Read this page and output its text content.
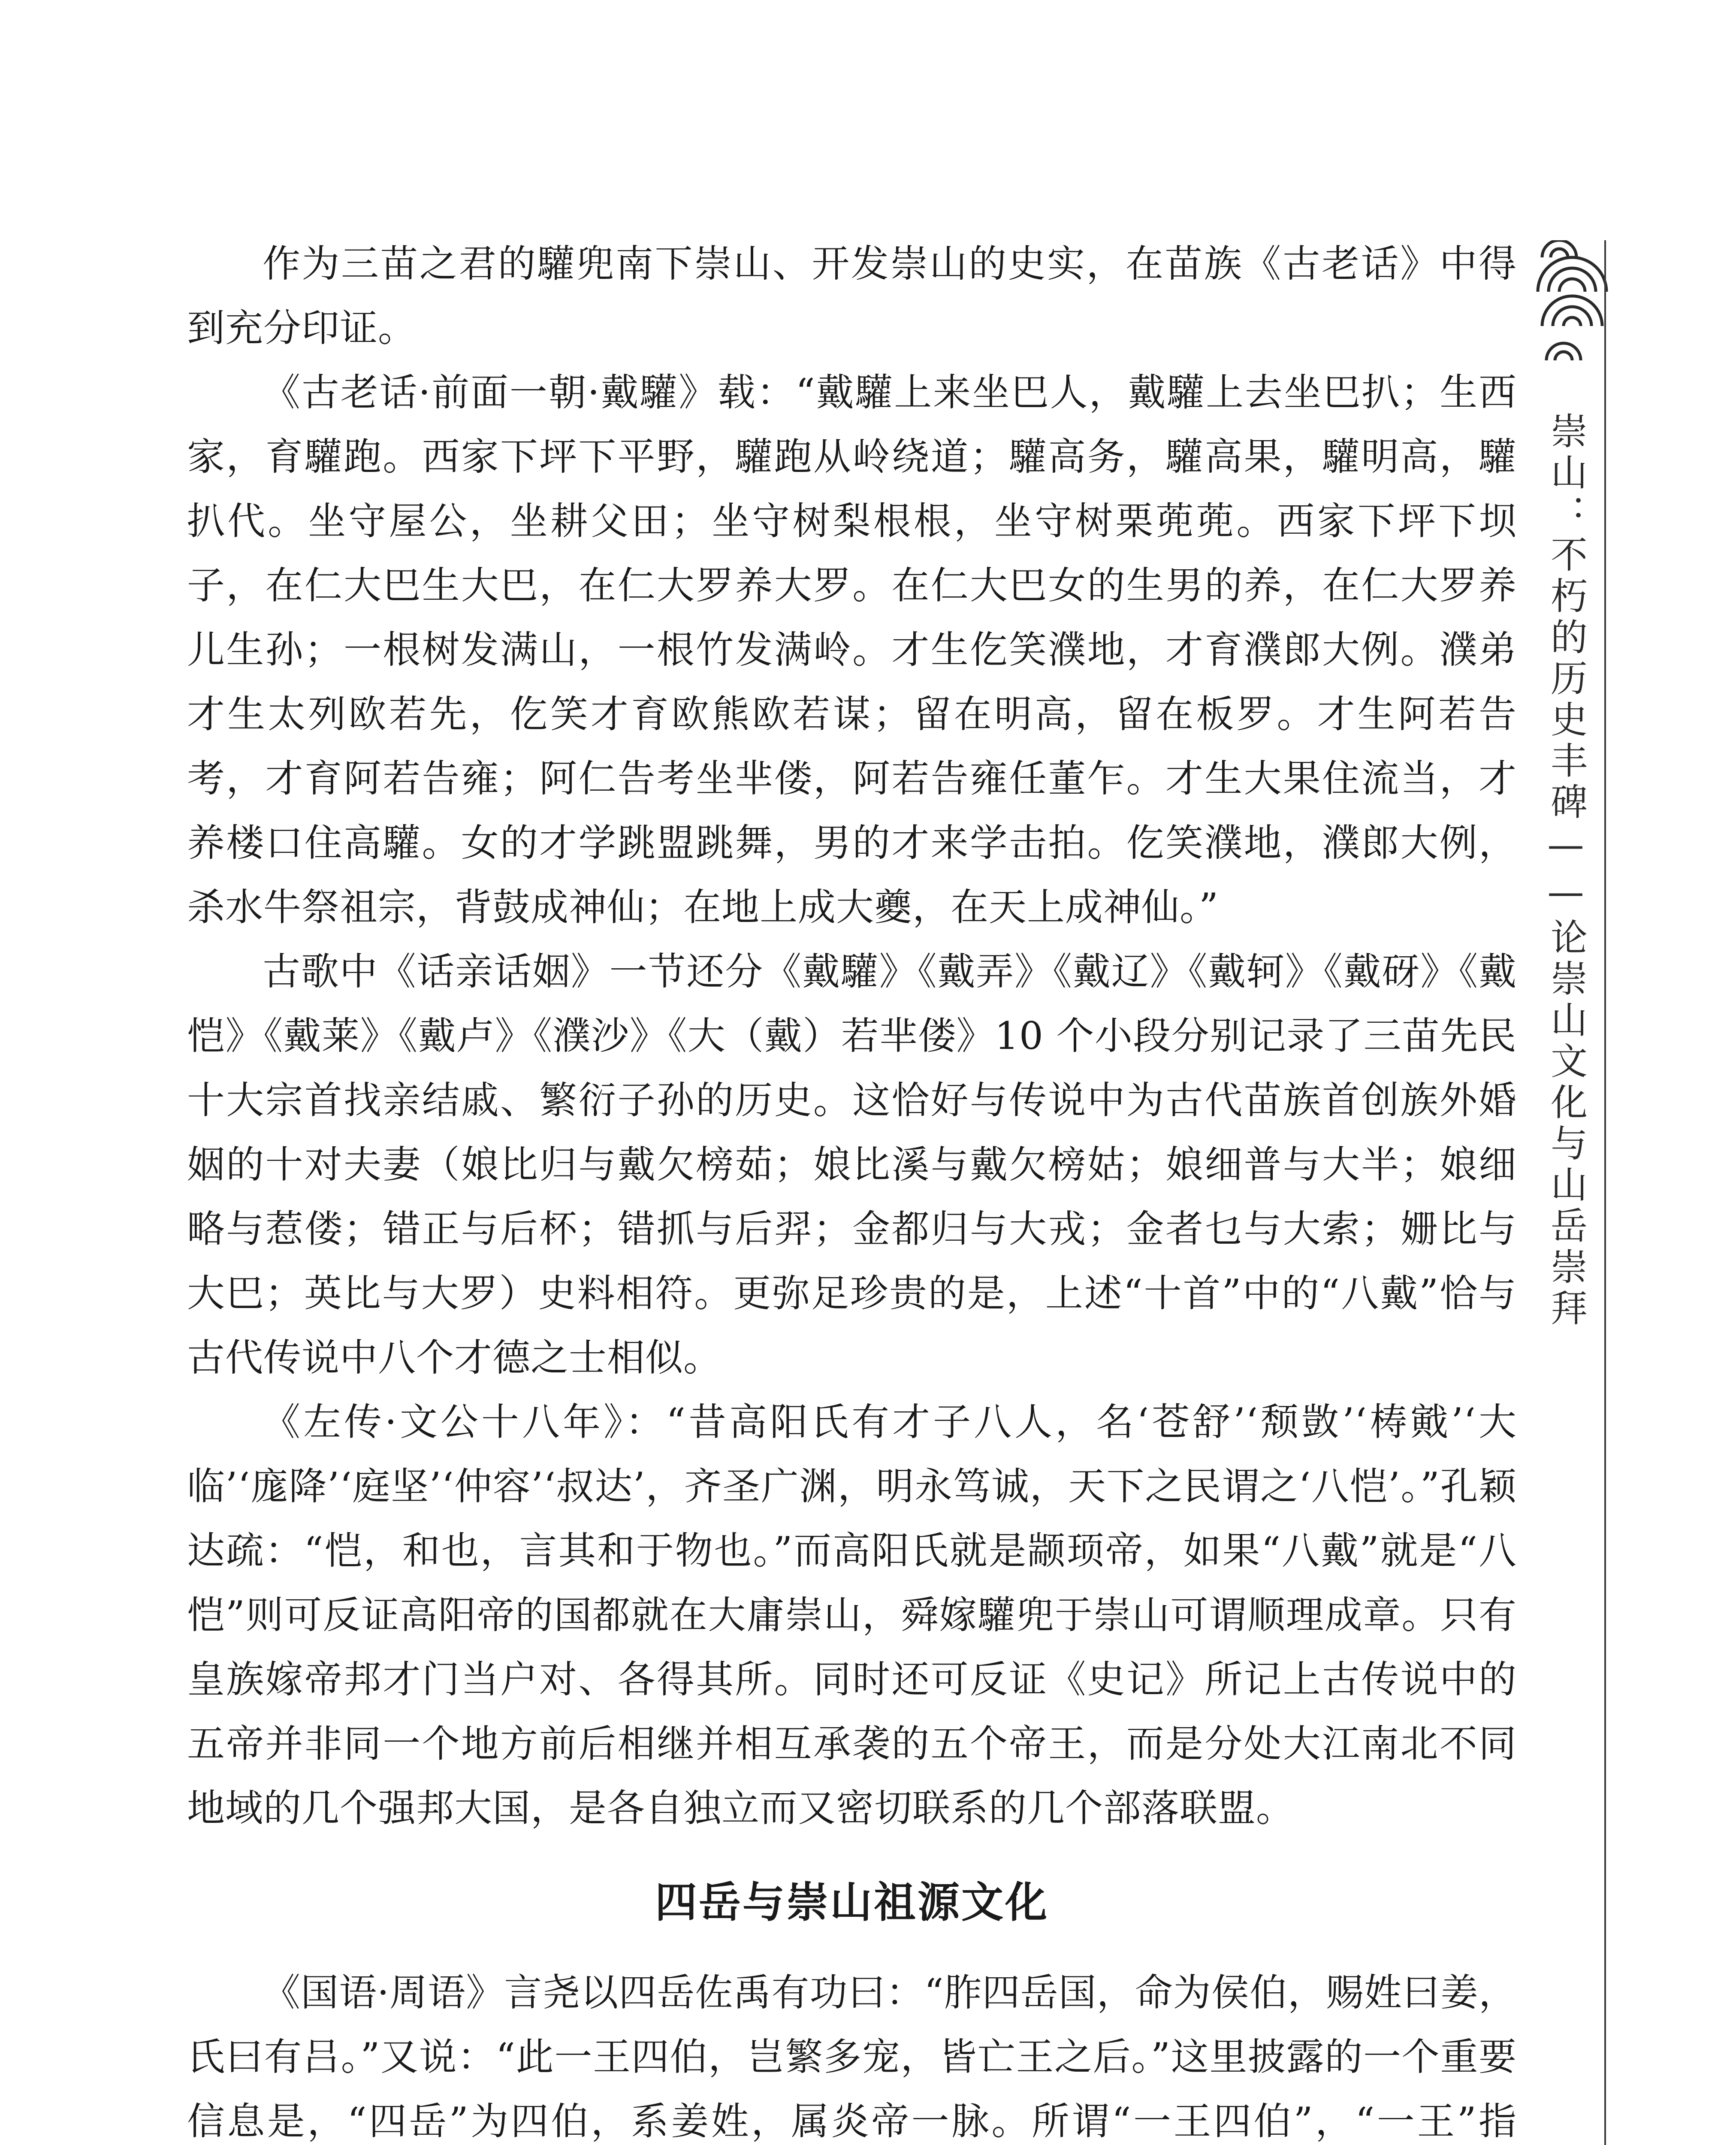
作为三苗之君的驩兜南下崇山、开发崇山的史实，在苗族《古老话》中得到充分印证。

《古老话·前面一朝·戴驩》载：“戴驩上来坐巴人，戴驩上去坐巴扒；生西家，育驩跑。西家下坪下平野，驩跑从岭绕道；驩高务，驩高果，驩明高，驩扒代。坐守屋公，坐耕父田；坐守树梨根根，坐守树栗蔸蔸。西家下坪下坝子，在仁大巴生大巴，在仁大罗养大罗。在仁大巴女的生男的养，在仁大罗养儿生孙；一根树发满山，一根竹发满岭。才生仡笑濮地，才育濮郎大例。濮弟才生太列欧若先，仡笑才育欧熊欧若谋；留在明高，留在板罗。才生阿若告考，才育阿若告雍；阿仁告考坐芈偻，阿若告雍任董乍。才生大果住流当，才养楼口住高驩。女的才学跳盟跳舞，男的才来学击拍。仡笑濮地，濮郎大例，杀水牛祭祖宗，背鼓成神仙；在地上成大夔，在天上成神仙。”

古歌中《话亲话姻》一节还分《戴驩》《戴弄》《戴辽》《戴轲》《戴砑》《戴恺》《戴莱》《戴卢》《濮沙》《大（戴）若芈偻》10 个小段分别记录了三苗先民十大宗首找亲结戚、繁衍子孙的历史。这恰好与传说中为古代苗族首创族外婚姻的十对夫妻（娘比归与戴欠榜茹；娘比溪与戴欠榜姑；娘细普与大半；娘细略与惹偻；错正与后杯；错抓与后羿；金都归与大戎；金者乜与大索；姗比与大巴；英比与大罗）史料相符。更弥足珍贵的是，上述“十首”中的“八戴”恰与古代传说中八个才德之士相似。

《左传·文公十八年》：“昔高阳氏有才子八人，名‘苍舒’‘颓敳’‘梼戭’‘大临’‘庬降’‘庭坚’‘仲容’‘叔达’，齐圣广渊，明永笃诚，天下之民谓之‘八恺’。”孔颖达疏：“恺，和也，言其和于物也。”而高阳氏就是颛顼帝，如果“八戴”就是“八恺”则可反证高阳帝的国都就在大庸崇山，舜嫁驩兜于崇山可谓顺理成章。只有皇族嫁帝邦才门当户对、各得其所。同时还可反证《史记》所记上古传说中的五帝并非同一个地方前后相继并相互承袭的五个帝王，而是分处大江南北不同地域的几个强邦大国，是各自独立而又密切联系的几个部落联盟。

四岳与崇山祖源文化

《国语·周语》言尧以四岳佐禹有功曰：“胙四岳国，命为侯伯，赐姓曰姜，氏曰有吕。”又说：“此一王四伯，岂繁多宠，皆亡王之后。”这里披露的一个重要信息是，“四岳”为四伯，系姜姓，属炎帝一脉。所谓“一王四伯”，“一王”指

崇山：不朽的历史丰碑——论崇山文化与山岳崇拜
